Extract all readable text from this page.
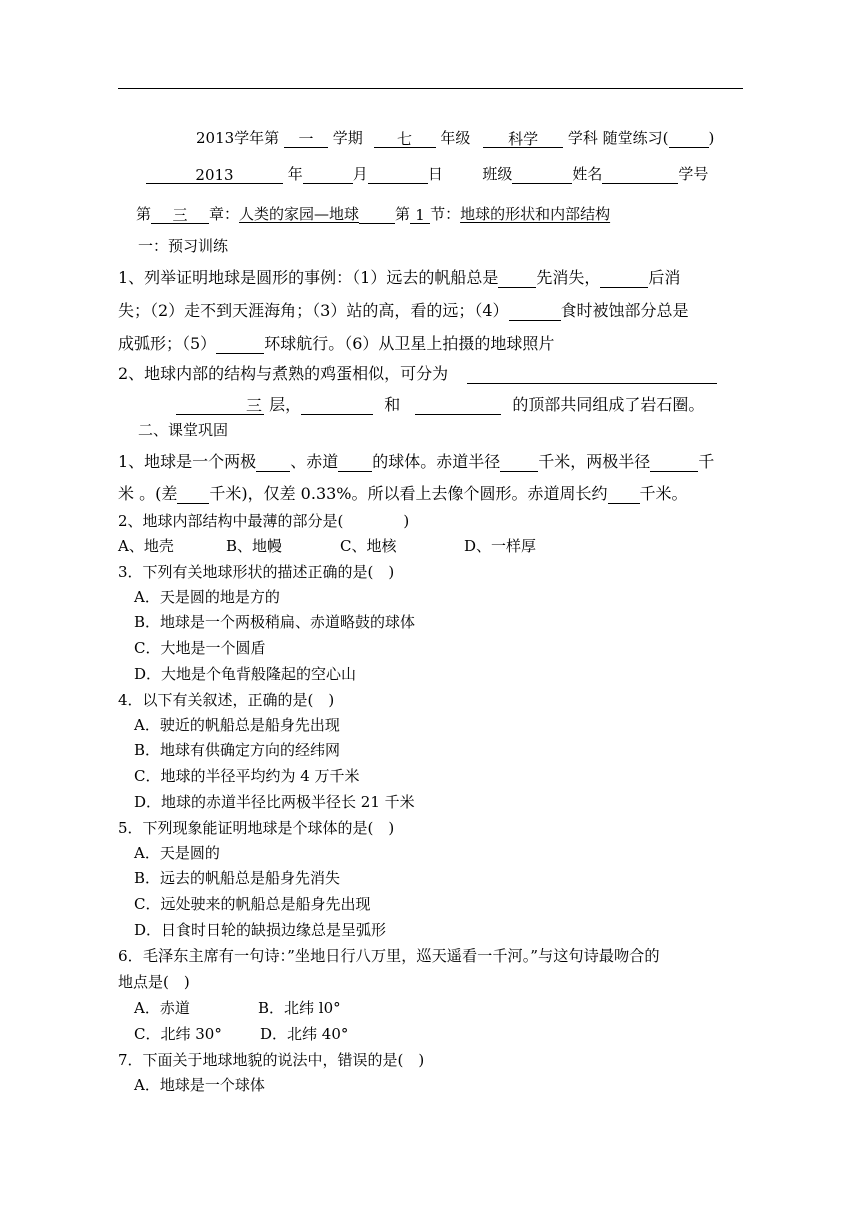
2013学年第 一 学期 七 年级	科学 学科 随堂练习(	)
2013	年	月	日	班级	姓名	学号
第 三 章：人类的家园—地球 第 1 节：地球的形状和内部结构
一：预习训练
1、列举证明地球是圆形的事例：（1）远去的帆船总是 先消失，	后消
失；（2）走不到天涯海角；（3）站的高，看的远；（4）	食时被蚀部分总是
成弧形；（5）	环球航行。（6）从卫星上拍摄的地球照片
2、地球内部的结构与煮熟的鸡蛋相似，可分为
三 层，	和	的顶部共同组成了岩石圈。
二、课堂巩固
1、地球是一个两极 、赤道 的球体。赤道半径 千米，两极半径	千
米 。(差 千米)，仅差 0.33%。所以看上去像个圆形。赤道周长约 千米。
2、地球内部结构中最薄的部分是(　　　　)
A、地壳	B、地幔	C、地核	D、一样厚
3．下列有关地球形状的描述正确的是(　)
A．天是圆的地是方的
B．地球是一个两极稍扁、赤道略鼓的球体
C．大地是一个圆盾
D．大地是个龟背般隆起的空心山
4．以下有关叙述，正确的是(　)
A．驶近的帆船总是船身先出现
B．地球有供确定方向的经纬网
C．地球的半径平均约为 4 万千米
D．地球的赤道半径比两极半径长 21 千米
5．下列现象能证明地球是个球体的是(　)
A．天是圆的
B．远去的帆船总是船身先消失
C．远处驶来的帆船总是船身先出现
D．日食时日轮的缺损边缘总是呈弧形
6．毛泽东主席有一句诗：”坐地日行八万里，巡天遥看一千河。”与这句诗最吻合的
地点是(　)
A．赤道	B．北纬 l0°
C．北纬 30°	D．北纬 40°
7．下面关于地球地貌的说法中，错误的是(　)
A．地球是一个球体
